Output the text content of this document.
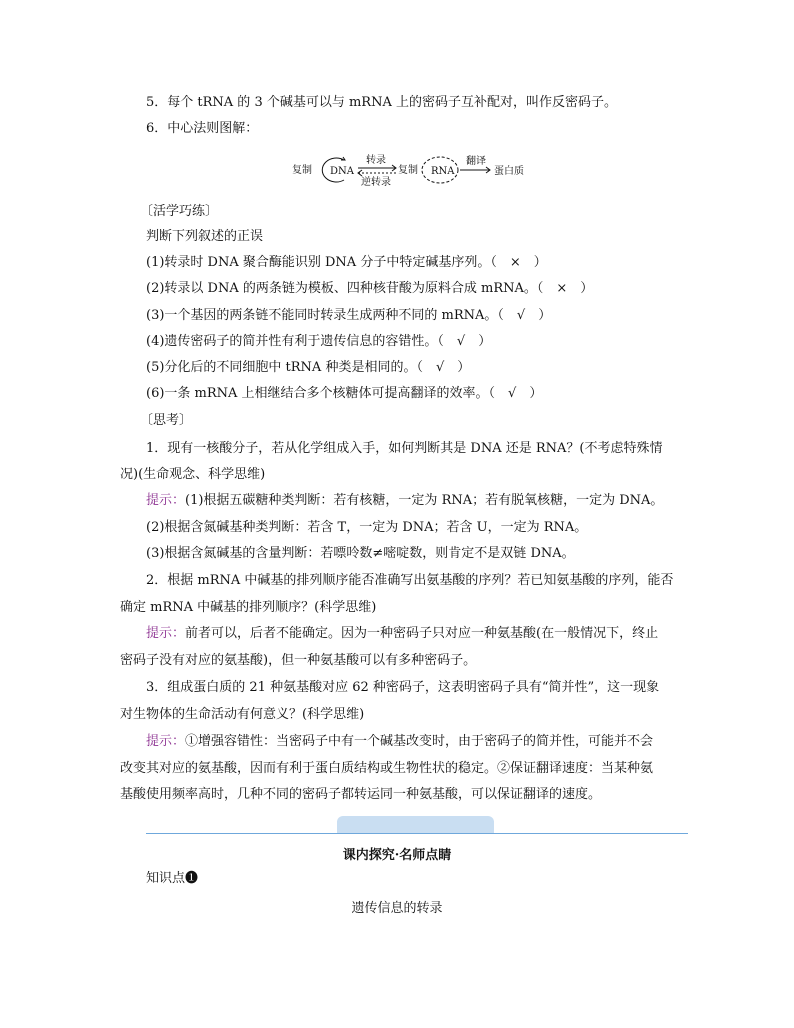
5．每个 tRNA 的 3 个碱基可以与 mRNA 上的密码子互补配对，叫作反密码子。
6．中心法则图解：
复制 DNA
转录
逆转录
复制 RNA
翻译
蛋白质
〔活学巧练〕
判断下列叙述的正误
(1)转录时 DNA 聚合酶能识别 DNA 分子中特定碱基序列。（　×　）
(2)转录以 DNA 的两条链为模板、四种核苷酸为原料合成 mRNA。（　×　）
(3)一个基因的两条链不能同时转录生成两种不同的 mRNA。（　√　）
(4)遗传密码子的简并性有利于遗传信息的容错性。（　√　）
(5)分化后的不同细胞中 tRNA 种类是相同的。（　√　）
(6)一条 mRNA 上相继结合多个核糖体可提高翻译的效率。（　√　）
〔思考〕
1．现有一核酸分子，若从化学组成入手，如何判断其是 DNA 还是 RNA？(不考虑特殊情
况)(生命观念、科学思维)
提示：(1)根据五碳糖种类判断：若有核糖，一定为 RNA；若有脱氧核糖，一定为 DNA。
(2)根据含氮碱基种类判断：若含 T，一定为 DNA；若含 U，一定为 RNA。
(3)根据含氮碱基的含量判断：若嘌呤数≠嘧啶数，则肯定不是双链 DNA。
2．根据 mRNA 中碱基的排列顺序能否准确写出氨基酸的序列？若已知氨基酸的序列，能否
确定 mRNA 中碱基的排列顺序？(科学思维)
提示：前者可以，后者不能确定。因为一种密码子只对应一种氨基酸(在一般情况下，终止
密码子没有对应的氨基酸)，但一种氨基酸可以有多种密码子。
3．组成蛋白质的 21 种氨基酸对应 62 种密码子，这表明密码子具有“简并性”，这一现象
对生物体的生命活动有何意义？(科学思维)
提示：①增强容错性：当密码子中有一个碱基改变时，由于密码子的简并性，可能并不会
改变其对应的氨基酸，因而有利于蛋白质结构或生物性状的稳定。②保证翻译速度：当某种氨
基酸使用频率高时，几种不同的密码子都转运同一种氨基酸，可以保证翻译的速度。
课内探究·名师点睛
知识点❶
遗传信息的转录
